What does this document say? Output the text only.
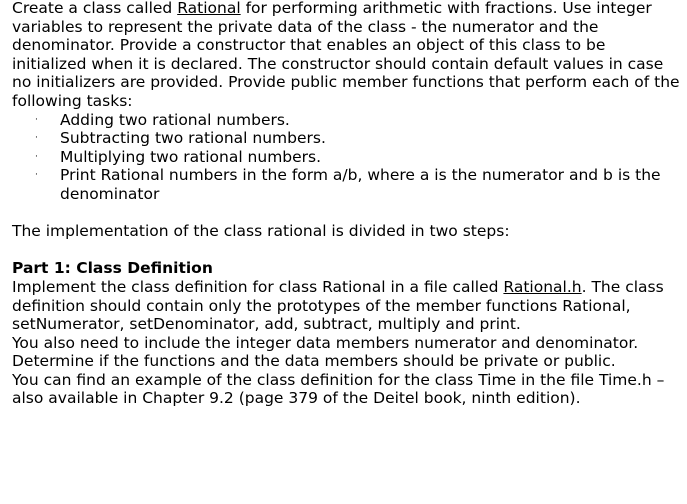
Create a class called Rational for performing arithmetic with fractions. Use integer variables to represent the private data of the class - the numerator and the denominator. Provide a constructor that enables an object of this class to be initialized when it is declared. The constructor should contain default values in case no initializers are provided. Provide public member functions that perform each of the following tasks:

· Adding two rational numbers.
· Subtracting two rational numbers.
· Multiplying two rational numbers.
· Print Rational numbers in the form a/b, where a is the numerator and b is the denominator

The implementation of the class rational is divided in two steps:

Part 1: Class Definition

Implement the class definition for class Rational in a file called Rational.h. The class definition should contain only the prototypes of the member functions Rational, setNumerator, setDenominator, add, subtract, multiply and print.

You also need to include the integer data members numerator and denominator.

Determine if the functions and the data members should be private or public.

You can find an example of the class definition for the class Time in the file Time.h – also available in Chapter 9.2 (page 379 of the Deitel book, ninth edition).
